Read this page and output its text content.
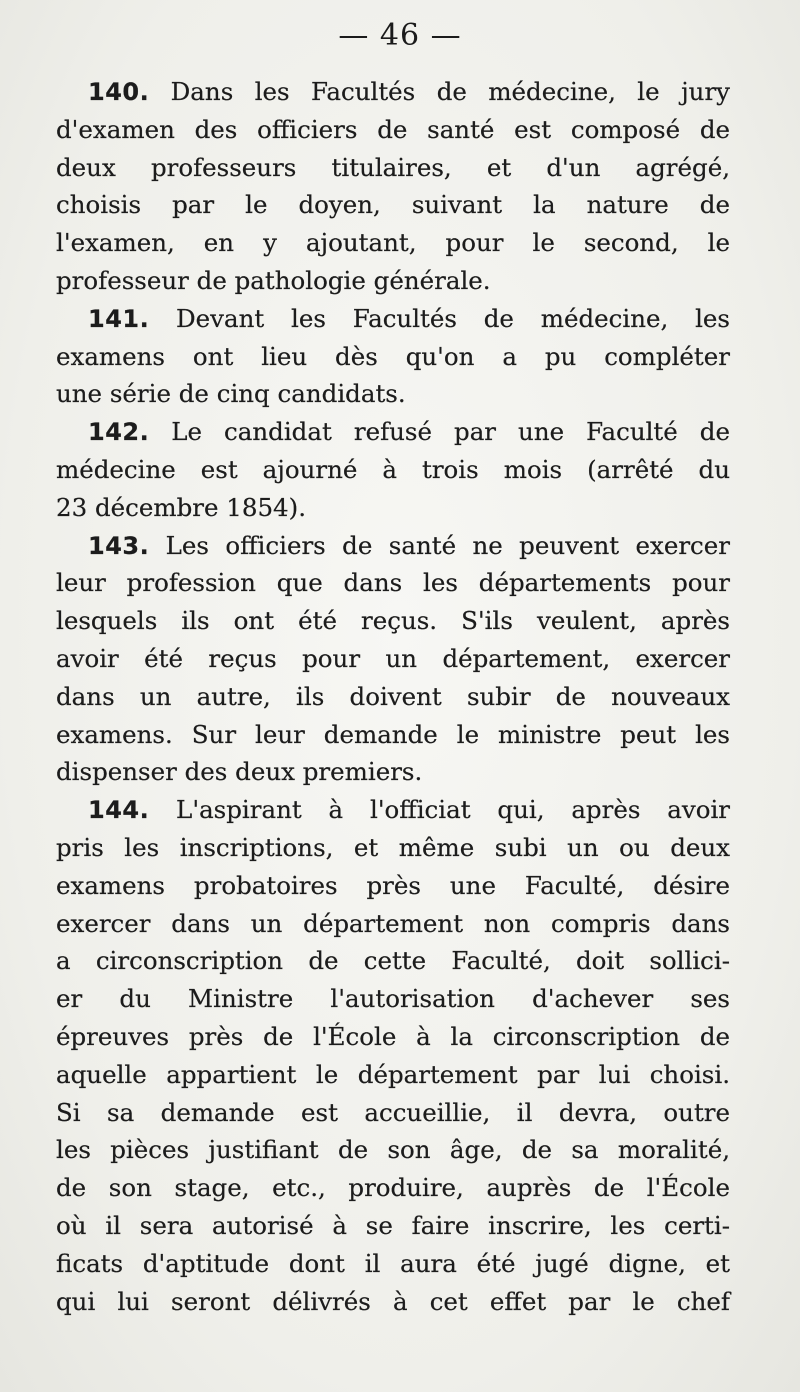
— 46 —
140. Dans les Facultés de médecine, le jury
d'examen des officiers de santé est composé de
deux professeurs titulaires, et d'un agrégé,
choisis par le doyen, suivant la nature de
l'examen, en y ajoutant, pour le second, le
professeur de pathologie générale.
141. Devant les Facultés de médecine, les
examens ont lieu dès qu'on a pu compléter
une série de cinq candidats.
142. Le candidat refusé par une Faculté de
médecine est ajourné à trois mois (arrêté du
23 décembre 1854).
143. Les officiers de santé ne peuvent exercer
leur profession que dans les départements pour
lesquels ils ont été reçus. S'ils veulent, après
avoir été reçus pour un département, exercer
dans un autre, ils doivent subir de nouveaux
examens. Sur leur demande le ministre peut les
dispenser des deux premiers.
144. L'aspirant à l'officiat qui, après avoir
pris les inscriptions, et même subi un ou deux
examens probatoires près une Faculté, désire
exercer dans un département non compris dans
a circonscription de cette Faculté, doit sollici-
er du Ministre l'autorisation d'achever ses
épreuves près de l'École à la circonscription de
aquelle appartient le département par lui choisi.
Si sa demande est accueillie, il devra, outre
les pièces justifiant de son âge, de sa moralité,
de son stage, etc., produire, auprès de l'École
où il sera autorisé à se faire inscrire, les certi-
ficats d'aptitude dont il aura été jugé digne, et
qui lui seront délivrés à cet effet par le chef
